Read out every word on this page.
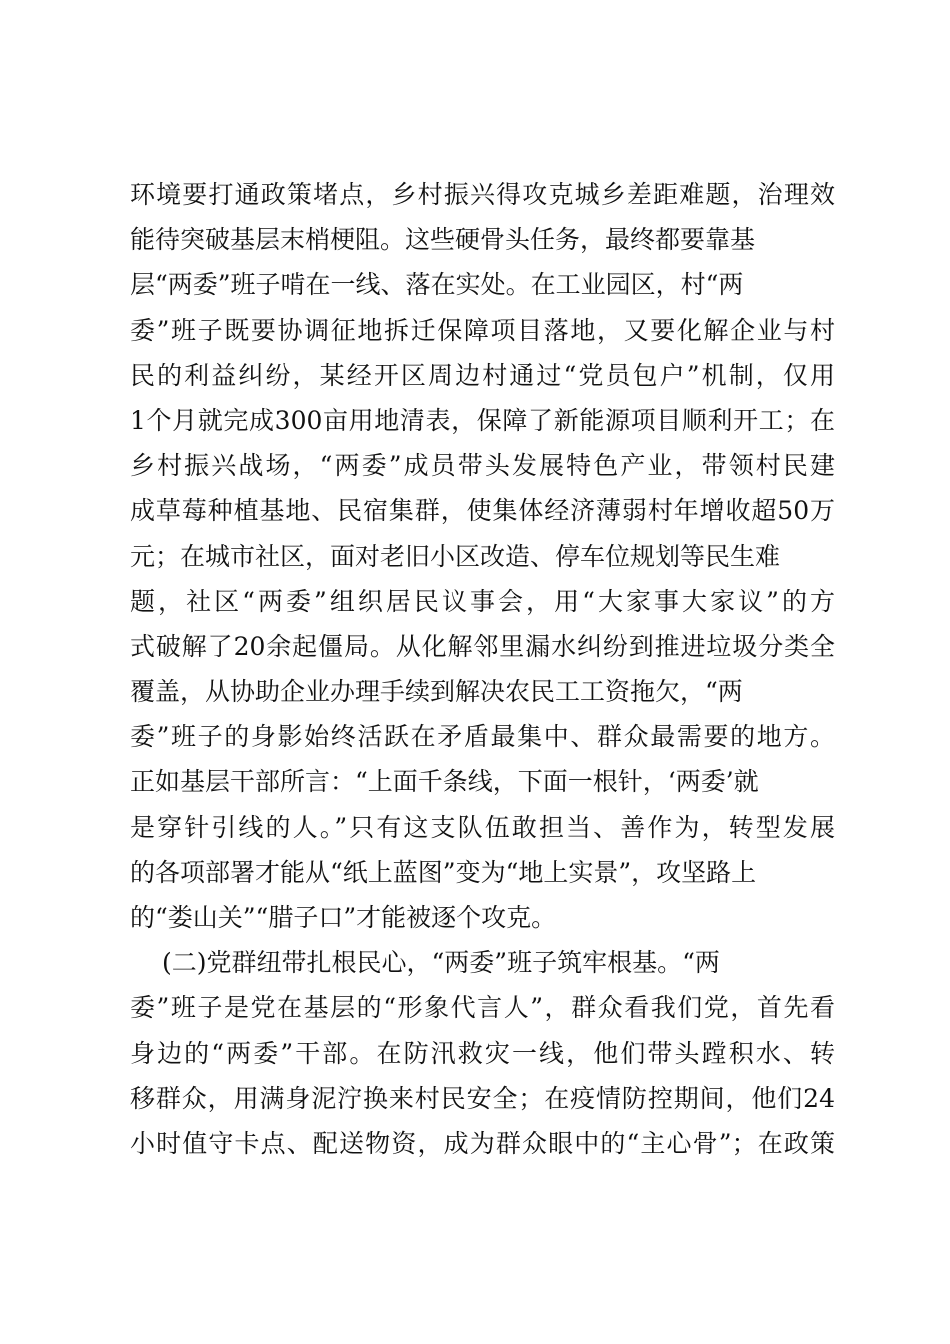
环境要打通政策堵点，乡村振兴得攻克城乡差距难题，治理效
能待突破基层末梢梗阻。这些硬骨头任务，最终都要靠基
层“两委”班子啃在一线、落在实处。在工业园区，村“两
委”班子既要协调征地拆迁保障项目落地，又要化解企业与村
民的利益纠纷，某经开区周边村通过“党员包户”机制，仅用
1个月就完成300亩用地清表，保障了新能源项目顺利开工；在
乡村振兴战场，“两委”成员带头发展特色产业，带领村民建
成草莓种植基地、民宿集群，使集体经济薄弱村年增收超50万
元；在城市社区，面对老旧小区改造、停车位规划等民生难
题，社区“两委”组织居民议事会，用“大家事大家议”的方
式破解了20余起僵局。从化解邻里漏水纠纷到推进垃圾分类全
覆盖，从协助企业办理手续到解决农民工工资拖欠，“两
委”班子的身影始终活跃在矛盾最集中、群众最需要的地方。
正如基层干部所言：“上面千条线，下面一根针，‘两委’就
是穿针引线的人。”只有这支队伍敢担当、善作为，转型发展
的各项部署才能从“纸上蓝图”变为“地上实景”，攻坚路上
的“娄山关”“腊子口”才能被逐个攻克。
(二)党群纽带扎根民心，“两委”班子筑牢根基。“两
委”班子是党在基层的“形象代言人”，群众看我们党，首先看
身边的“两委”干部。在防汛救灾一线，他们带头蹚积水、转
移群众，用满身泥泞换来村民安全；在疫情防控期间，他们24
小时值守卡点、配送物资，成为群众眼中的“主心骨”；在政策
